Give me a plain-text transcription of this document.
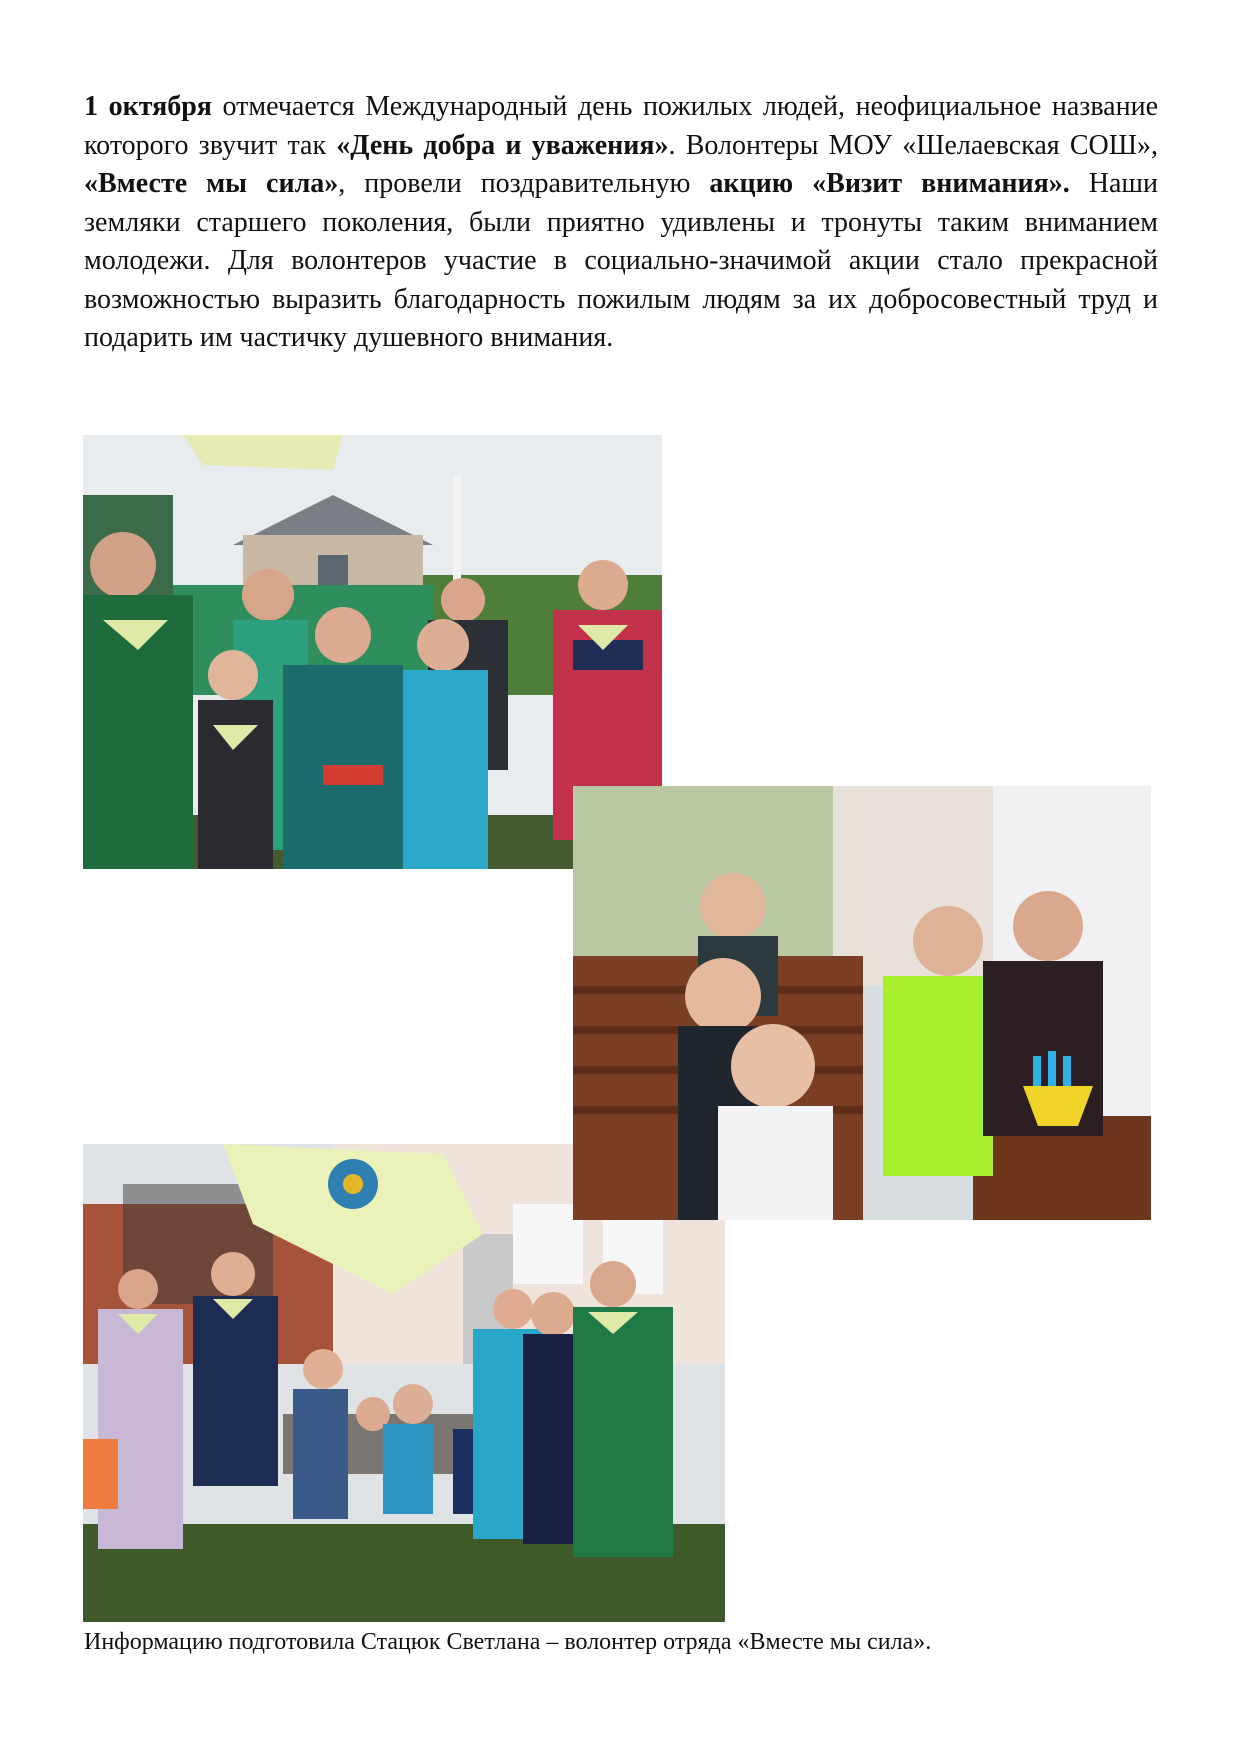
1 октября отмечается Международный день пожилых людей, неофициальное название которого звучит так «День добра и уважения». Волонтеры МОУ «Шелаевская СОШ», «Вместе мы сила», провели поздравительную акцию «Визит внимания». Наши земляки старшего поколения, были приятно удивлены и тронуты таким вниманием молодежи. Для волонтеров участие в социально-значимой акции стало прекрасной возможностью выразить благодарность пожилым людям за их добросовестный труд и подарить им частичку душевного внимания.

Информацию подготовила Стацюк Светлана – волонтер отряда «Вместе мы сила».
